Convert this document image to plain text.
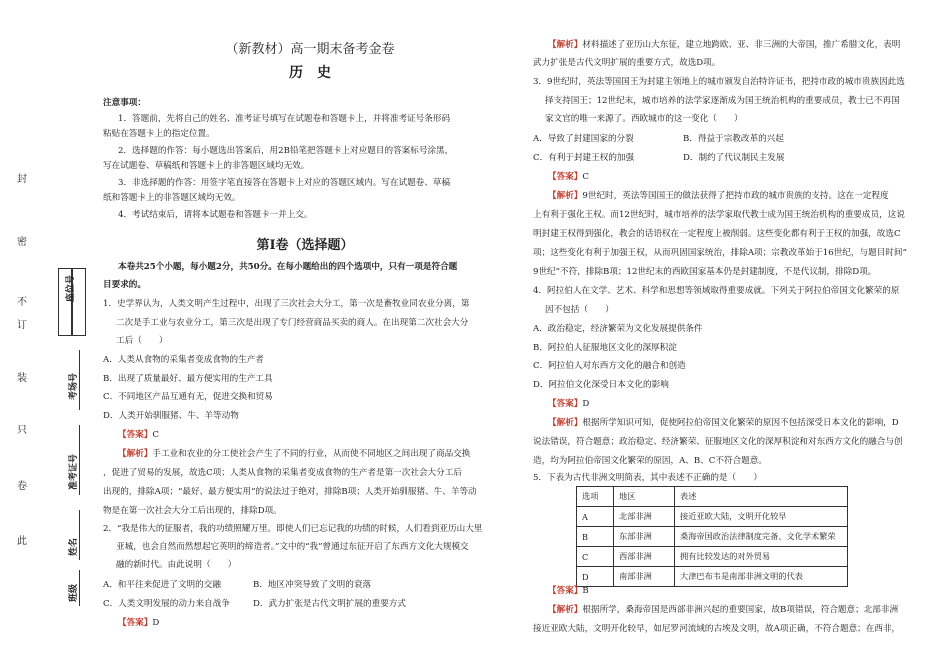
封
密
不
订
装
只
卷
此
座位号
考场号
准考证号
姓名
班级
（新教材）高一期末备考金卷
历　史
注意事项：
1．答题前，先将自己的姓名、准考证号填写在试题卷和答题卡上，并将准考证号条形码
粘贴在答题卡上的指定位置。
2．选择题的作答：每小题选出答案后，用2B铅笔把答题卡上对应题目的答案标号涂黑，
写在试题卷、草稿纸和答题卡上的非答题区域均无效。
3．非选择题的作答：用签字笔直接答在答题卡上对应的答题区域内。写在试题卷、草稿
纸和答题卡上的非答题区域均无效。
4．考试结束后，请将本试题卷和答题卡一并上交。
第Ⅰ卷（选择题）
本卷共25个小题，每小题2分，共50分。在每小题给出的四个选项中，只有一项是符合题
目要求的。
1．史学界认为，人类文明产生过程中，出现了三次社会大分工，第一次是畜牧业同农业分离，第
二次是手工业与农业分工，第三次是出现了专门经营商品买卖的商人。在出现第二次社会大分
工后（　　）
A．人类从食物的采集者变成食物的生产者
B．出现了质量最好、最方便实用的生产工具
C．不同地区产品互通有无，促进交换和贸易
D．人类开始驯服猪、牛、羊等动物
【答案】C
【解析】手工业和农业的分工使社会产生了不同的行业，从而使不同地区之间出现了商品交换
，促进了贸易的发展，故选C项；人类从食物的采集者变成食物的生产者是第一次社会大分工后
出现的，排除A项；“最好、最方便实用”的说法过于绝对，排除B项；人类开始驯服猪、牛、羊等动
物是在第一次社会大分工后出现的，排除D项。
2．“我是伟大的征服者，我的功绩照耀万里。即使人们已忘记我的功绩的时候，人们看到亚历山大里
亚城，也会自然而然想起它英明的缔造者。”文中的“我”曾通过东征开启了东西方文化大规模交
融的新时代。由此说明（　　）
A．和平往来促进了文明的交融	B．地区冲突导致了文明的衰落
C．人类文明发展的动力来自战争	D．武力扩张是古代文明扩展的重要方式
【答案】D
【解析】材料描述了亚历山大东征，建立地跨欧、亚、非三洲的大帝国，推广希腊文化，表明
武力扩张是古代文明扩展的重要方式，故选D项。
3．9世纪时，英法等国国王为封建主领地上的城市颁发自治特许证书，把持市政的城市贵族因此选
择支持国王；12世纪末，城市培养的法学家逐渐成为国王统治机构的重要成员，教士已不再国
家文官的唯一来源了。西欧城市的这一变化（　　）
A．导致了封建国家的分裂	B．得益于宗教改革的兴起
C．有利于封建王权的加强	D．制约了代议制民主发展
【答案】C
【解析】9世纪时，英法等国国王的做法获得了把持市政的城市贵族的支持。这在一定程度
上有利于强化王权。而12世纪时，城市培养的法学家取代教士成为国王统治机构的重要成员，这说
明封建王权得到强化，教会的话语权在一定程度上被削弱。这些变化都有利于王权的加强，故选C
项；这些变化有利于加强王权，从而巩固国家统治，排除A项；宗教改革始于16世纪，与题目时间“
9世纪”不符，排除B项；12世纪末的西欧国家基本仍是封建制度，不是代议制，排除D项。
4．阿拉伯人在文学、艺术、科学和思想等领域取得重要成就。下列关于阿拉伯帝国文化繁荣的原
因不包括（　　）
A．政治稳定，经济繁荣为文化发展提供条件
B．阿拉伯人征服地区文化的深厚积淀
C．阿拉伯人对东西方文化的融合和创造
D．阿拉伯文化深受日本文化的影响
【答案】D
【解析】根据所学知识可知，促使阿拉伯帝国文化繁荣的原因不包括深受日本文化的影响，D
说法错误，符合题意；政治稳定、经济繁荣、征服地区文化的深厚积淀和对东西方文化的融合与创
造，均为阿拉伯帝国文化繁荣的原因，A、B、C不符合题意。
5．下表为古代非洲文明简表，其中表述不正确的是（　　）
选项	地区	表述
A	北部非洲	接近亚欧大陆，文明开化较早
B	东部非洲	桑海帝国政治法律制度完备、文化学术繁荣
C	西部非洲	拥有比较发达的对外贸易
D	南部非洲	大津巴布韦是南部非洲文明的代表
【答案】B
【解析】根据所学，桑海帝国是西部非洲兴起的重要国家，故B项错误，符合题意；北部非洲
接近亚欧大陆，文明开化较早，如尼罗河流域的古埃及文明，故A项正确，不符合题意；在西非，
